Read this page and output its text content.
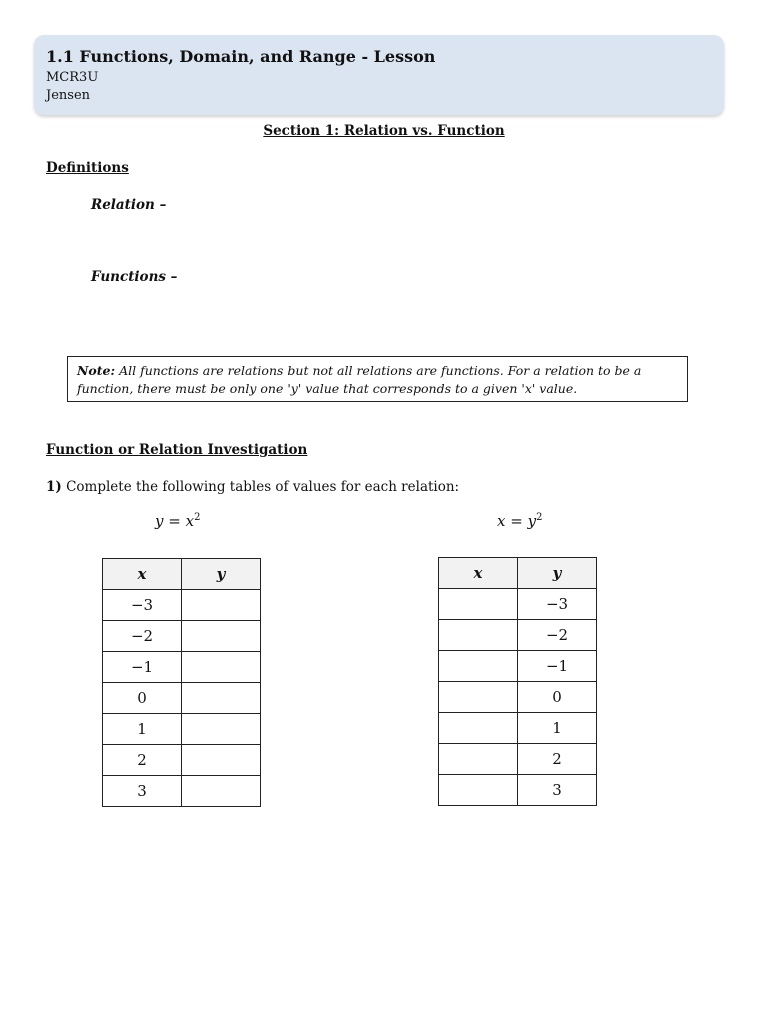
1.1 Functions, Domain, and Range - Lesson
MCR3U
Jensen
Section 1: Relation vs. Function
Definitions
Relation –
Functions –
Note: All functions are relations but not all relations are functions. For a relation to be a function, there must be only one 'y' value that corresponds to a given 'x' value.
Function or Relation Investigation
1) Complete the following tables of values for each relation:
$y = x^2$	$x = y^2$
x	y
−3	
−2	
−1	
0	
1	
2	
3	
x	y
	−3
	−2
	−1
	0
	1
	2
	3
